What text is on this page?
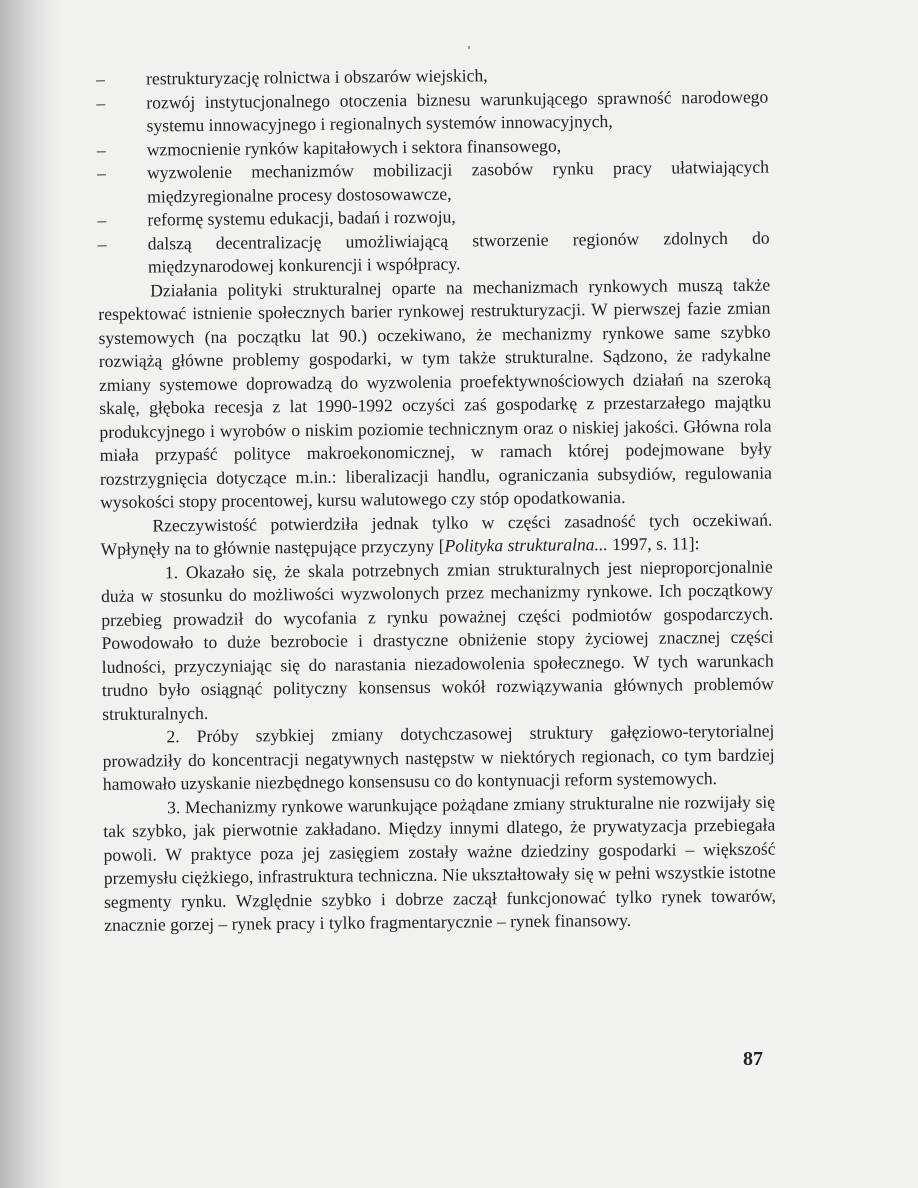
– restrukturyzację rolnictwa i obszarów wiejskich,
– rozwój instytucjonalnego otoczenia biznesu warunkującego sprawność narodowego systemu innowacyjnego i regionalnych systemów innowacyjnych,
– wzmocnienie rynków kapitałowych i sektora finansowego,
– wyzwolenie mechanizmów mobilizacji zasobów rynku pracy ułatwiających międzyregionalne procesy dostosowawcze,
– reformę systemu edukacji, badań i rozwoju,
– dalszą decentralizację umożliwiającą stworzenie regionów zdolnych do międzynarodowej konkurencji i współpracy.

Działania polityki strukturalnej oparte na mechanizmach rynkowych muszą także respektować istnienie społecznych barier rynkowej restrukturyzacji. W pierwszej fazie zmian systemowych (na początku lat 90.) oczekiwano, że mechanizmy rynkowe same szybko rozwiążą główne problemy gospodarki, w tym także strukturalne. Sądzono, że radykalne zmiany systemowe doprowadzą do wyzwolenia proefektywnościowych działań na szeroką skalę, głęboka recesja z lat 1990-1992 oczyści zaś gospodarkę z przestarzałego majątku produkcyjnego i wyrobów o niskim poziomie technicznym oraz o niskiej jakości. Główna rola miała przypaść polityce makroekonomicznej, w ramach której podejmowane były rozstrzygnięcia dotyczące m.in.: liberalizacji handlu, ograniczania subsydiów, regulowania wysokości stopy procentowej, kursu walutowego czy stóp opodatkowania.

Rzeczywistość potwierdziła jednak tylko w części zasadność tych oczekiwań. Wpłynęły na to głównie następujące przyczyny [Polityka strukturalna... 1997, s. 11]:

1. Okazało się, że skala potrzebnych zmian strukturalnych jest nieproporcjonalnie duża w stosunku do możliwości wyzwolonych przez mechanizmy rynkowe. Ich początkowy przebieg prowadził do wycofania z rynku poważnej części podmiotów gospodarczych. Powodowało to duże bezrobocie i drastyczne obniżenie stopy życiowej znacznej części ludności, przyczyniając się do narastania niezadowolenia społecznego. W tych warunkach trudno było osiągnąć polityczny konsensus wokół rozwiązywania głównych problemów strukturalnych.

2. Próby szybkiej zmiany dotychczasowej struktury gałęziowo-terytorialnej prowadziły do koncentracji negatywnych następstw w niektórych regionach, co tym bardziej hamowało uzyskanie niezbędnego konsensusu co do kontynuacji reform systemowych.

3. Mechanizmy rynkowe warunkujące pożądane zmiany strukturalne nie rozwijały się tak szybko, jak pierwotnie zakładano. Między innymi dlatego, że prywatyzacja przebiegała powoli. W praktyce poza jej zasięgiem zostały ważne dziedziny gospodarki – większość przemysłu ciężkiego, infrastruktura techniczna. Nie ukształtowały się w pełni wszystkie istotne segmenty rynku. Względnie szybko i dobrze zaczął funkcjonować tylko rynek towarów, znacznie gorzej – rynek pracy i tylko fragmentarycznie – rynek finansowy.

87
